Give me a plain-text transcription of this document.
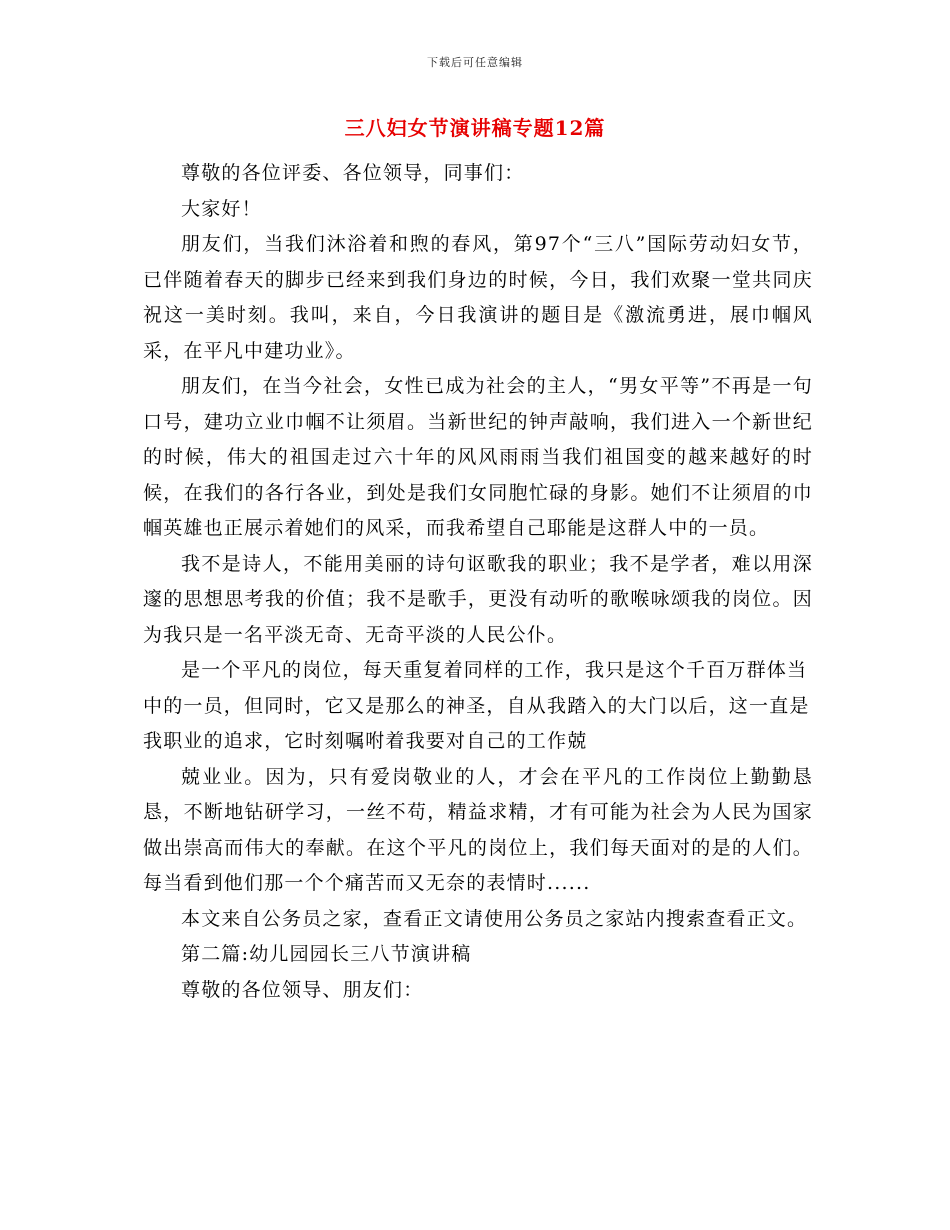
下载后可任意编辑
三八妇女节演讲稿专题12篇

尊敬的各位评委、各位领导，同事们：

大家好！

朋友们，当我们沐浴着和煦的春风，第97个“三八”国际劳动妇女节，已伴随着春天的脚步已经来到我们身边的时候，今日，我们欢聚一堂共同庆祝这一美时刻。我叫，来自，今日我演讲的题目是《激流勇进，展巾帼风采，在平凡中建功业》。

朋友们，在当今社会，女性已成为社会的主人，“男女平等”不再是一句口号，建功立业巾帼不让须眉。当新世纪的钟声敲响，我们进入一个新世纪的时候，伟大的祖国走过六十年的风风雨雨当我们祖国变的越来越好的时候，在我们的各行各业，到处是我们女同胞忙碌的身影。她们不让须眉的巾帼英雄也正展示着她们的风采，而我希望自己耶能是这群人中的一员。

我不是诗人，不能用美丽的诗句讴歌我的职业；我不是学者，难以用深邃的思想思考我的价值；我不是歌手，更没有动听的歌喉咏颂我的岗位。因为我只是一名平淡无奇、无奇平淡的人民公仆。

是一个平凡的岗位，每天重复着同样的工作，我只是这个千百万群体当中的一员，但同时，它又是那么的神圣，自从我踏入的大门以后，这一直是我职业的追求，它时刻嘱咐着我要对自己的工作兢

兢业业。因为，只有爱岗敬业的人，才会在平凡的工作岗位上勤勤恳恳，不断地钻研学习，一丝不苟，精益求精，才有可能为社会为人民为国家做出崇高而伟大的奉献。在这个平凡的岗位上，我们每天面对的是的人们。每当看到他们那一个个痛苦而又无奈的表情时......

本文来自公务员之家，查看正文请使用公务员之家站内搜索查看正文。

第二篇:幼儿园园长三八节演讲稿

尊敬的各位领导、朋友们：
